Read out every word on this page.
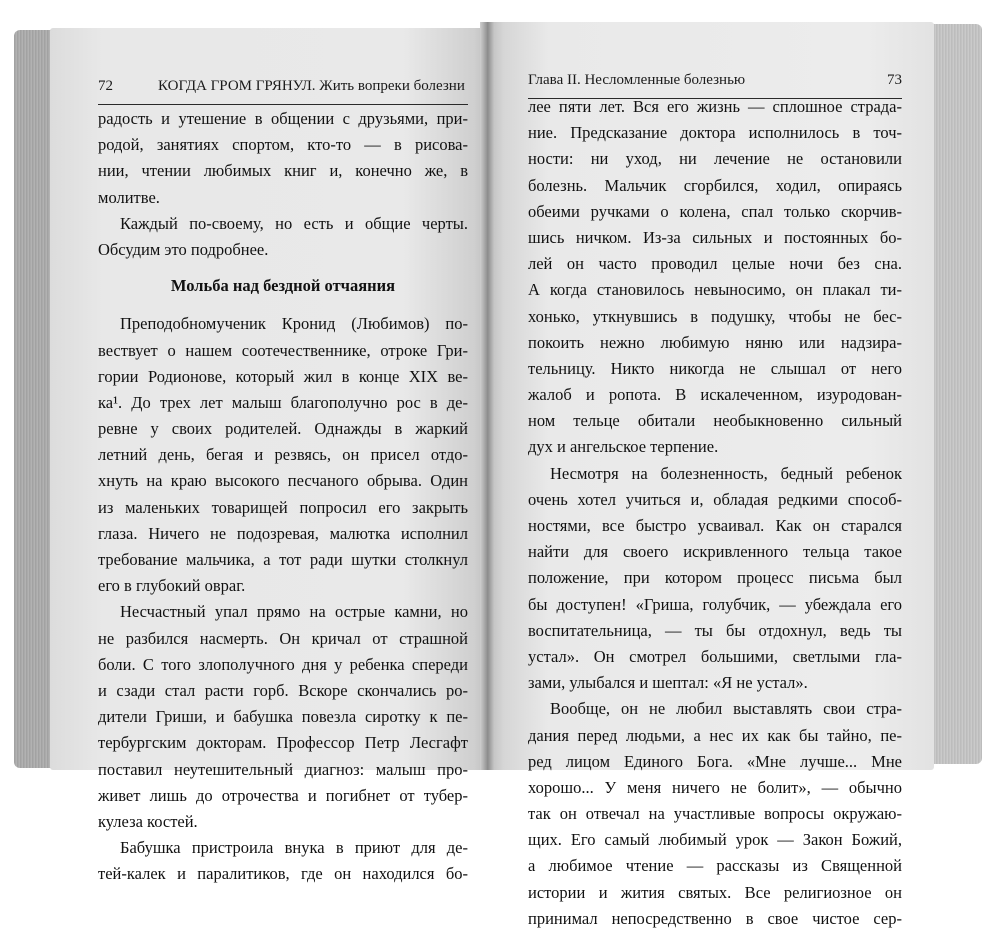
72	КОГДА ГРОМ ГРЯНУЛ. Жить вопреки болезни
радость и утешение в общении с друзьями, при-
родой, занятиях спортом, кто-то — в рисова-
нии, чтении любимых книг и, конечно же, в
молитве.
Каждый по-своему, но есть и общие черты.
Обсудим это подробнее.
Мольба над бездной отчаяния
Преподобномученик Кронид (Любимов) по-
вествует о нашем соотечественнике, отроке Гри-
гории Родионове, который жил в конце XIX ве-
ка¹. До трех лет малыш благополучно рос в де-
ревне у своих родителей. Однажды в жаркий
летний день, бегая и резвясь, он присел отдо-
хнуть на краю высокого песчаного обрыва. Один
из маленьких товарищей попросил его закрыть
глаза. Ничего не подозревая, малютка исполнил
требование мальчика, а тот ради шутки столкнул
его в глубокий овраг.
Несчастный упал прямо на острые камни, но
не разбился насмерть. Он кричал от страшной
боли. С того злополучного дня у ребенка спереди
и сзади стал расти горб. Вскоре скончались ро-
дители Гриши, и бабушка повезла сиротку к пе-
тербургским докторам. Профессор Петр Лесгафт
поставил неутешительный диагноз: малыш про-
живет лишь до отрочества и погибнет от тубер-
кулеза костей.
Бабушка пристроила внука в приют для де-
тей-калек и паралитиков, где он находился бо-
Глава II. Несломленные болезнью	73
лее пяти лет. Вся его жизнь — сплошное страда-
ние. Предсказание доктора исполнилось в точ-
ности: ни уход, ни лечение не остановили
болезнь. Мальчик сгорбился, ходил, опираясь
обеими ручками о колена, спал только скорчив-
шись ничком. Из-за сильных и постоянных бо-
лей он часто проводил целые ночи без сна.
А когда становилось невыносимо, он плакал ти-
хонько, уткнувшись в подушку, чтобы не бес-
покоить нежно любимую няню или надзира-
тельницу. Никто никогда не слышал от него
жалоб и ропота. В искалеченном, изуродован-
ном тельце обитали необыкновенно сильный
дух и ангельское терпение.
Несмотря на болезненность, бедный ребенок
очень хотел учиться и, обладая редкими способ-
ностями, все быстро усваивал. Как он старался
найти для своего искривленного тельца такое
положение, при котором процесс письма был
бы доступен! «Гриша, голубчик, — убеждала его
воспитательница, — ты бы отдохнул, ведь ты
устал». Он смотрел большими, светлыми гла-
зами, улыбался и шептал: «Я не устал».
Вообще, он не любил выставлять свои стра-
дания перед людьми, а нес их как бы тайно, пе-
ред лицом Единого Бога. «Мне лучше... Мне
хорошо... У меня ничего не болит», — обычно
так он отвечал на участливые вопросы окружаю-
щих. Его самый любимый урок — Закон Божий,
а любимое чтение — рассказы из Священной
истории и жития святых. Все религиозное он
принимал непосредственно в свое чистое сер-
